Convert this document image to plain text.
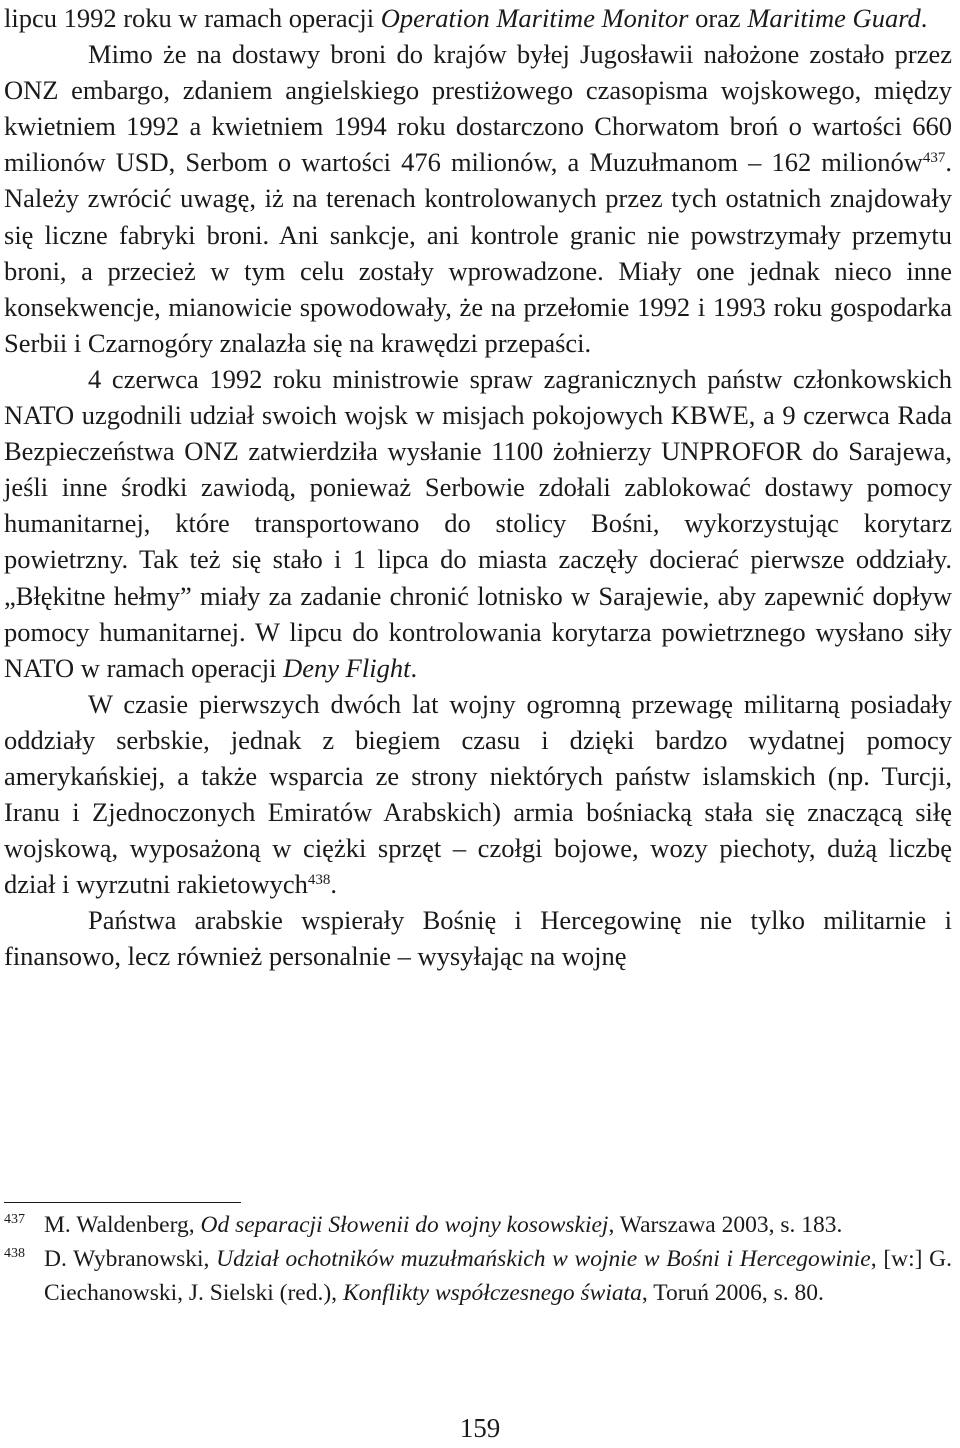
lipcu 1992 roku w ramach operacji Operation Maritime Monitor oraz Maritime Guard.

Mimo że na dostawy broni do krajów byłej Jugosławii nałożone zostało przez ONZ embargo, zdaniem angielskiego prestiżowego czasopisma wojskowego, między kwietniem 1992 a kwietniem 1994 roku dostarczono Chorwatom broń o wartości 660 milionów USD, Serbom o wartości 476 milionów, a Muzułmanom – 162 milionów$^{437}$. Należy zwrócić uwagę, iż na terenach kontrolowanych przez tych ostatnich znajdowały się liczne fabryki broni. Ani sankcje, ani kontrole granic nie powstrzymały przemytu broni, a przecież w tym celu zostały wprowadzone. Miały one jednak nieco inne konsekwencje, mianowicie spowodowały, że na przełomie 1992 i 1993 roku gospodarka Serbii i Czarnogóry znalazła się na krawędzi przepaści.

4 czerwca 1992 roku ministrowie spraw zagranicznych państw członkowskich NATO uzgodnili udział swoich wojsk w misjach pokojowych KBWE, a 9 czerwca Rada Bezpieczeństwa ONZ zatwierdziła wysłanie 1100 żołnierzy UNPROFOR do Sarajewa, jeśli inne środki zawiodą, ponieważ Serbowie zdołali zablokować dostawy pomocy humanitarnej, które transportowano do stolicy Bośni, wykorzystując korytarz powietrzny. Tak też się stało i 1 lipca do miasta zaczęły docierać pierwsze oddziały. „Błękitne hełmy” miały za zadanie chronić lotnisko w Sarajewie, aby zapewnić dopływ pomocy humanitarnej. W lipcu do kontrolowania korytarza powietrznego wysłano siły NATO w ramach operacji Deny Flight.

W czasie pierwszych dwóch lat wojny ogromną przewagę militarną posiadały oddziały serbskie, jednak z biegiem czasu i dzięki bardzo wydatnej pomocy amerykańskiej, a także wsparcia ze strony niektórych państw islamskich (np. Turcji, Iranu i Zjednoczonych Emiratów Arabskich) armia bośniacką stała się znaczącą siłę wojskową, wyposażoną w ciężki sprzęt – czołgi bojowe, wozy piechoty, dużą liczbę dział i wyrzutni rakietowych$^{438}$.

Państwa arabskie wspierały Bośnię i Hercegowinę nie tylko militarnie i finansowo, lecz również personalnie – wysyłając na wojnę

437 M. Waldenberg, Od separacji Słowenii do wojny kosowskiej, Warszawa 2003, s. 183.
438 D. Wybranowski, Udział ochotników muzułmańskich w wojnie w Bośni i Hercegowinie, [w:] G. Ciechanowski, J. Sielski (red.), Konflikty współczesnego świata, Toruń 2006, s. 80.
159
